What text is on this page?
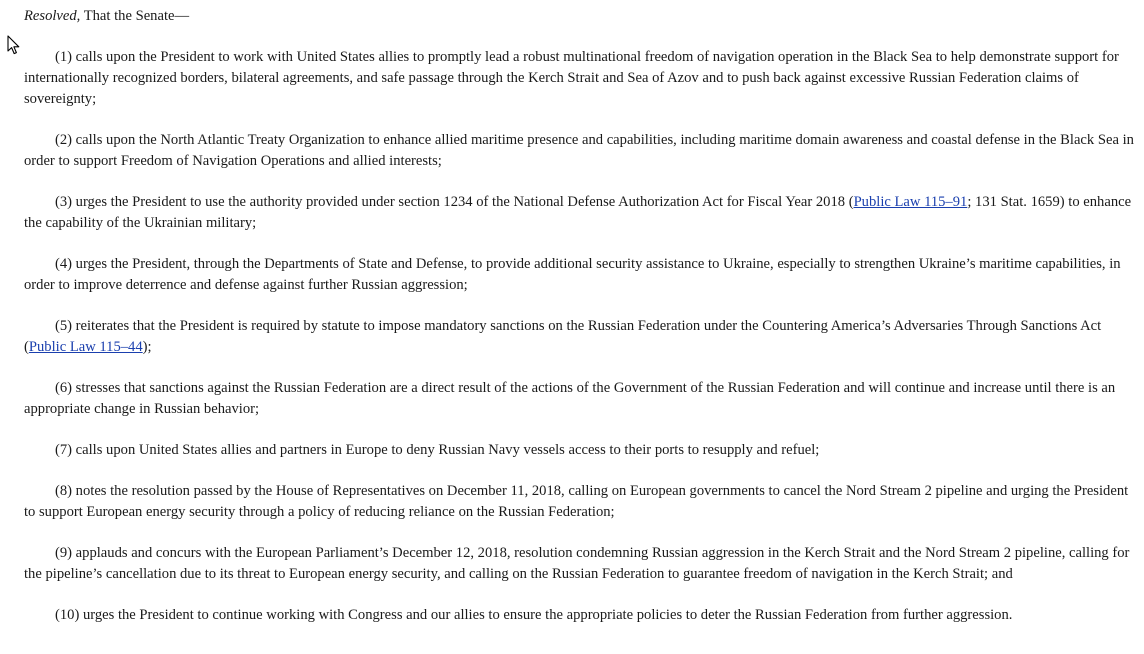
Resolved, That the Senate—

(1) calls upon the President to work with United States allies to promptly lead a robust multinational freedom of navigation operation in the Black Sea to help demonstrate support for internationally recognized borders, bilateral agreements, and safe passage through the Kerch Strait and Sea of Azov and to push back against excessive Russian Federation claims of sovereignty;

(2) calls upon the North Atlantic Treaty Organization to enhance allied maritime presence and capabilities, including maritime domain awareness and coastal defense in the Black Sea in order to support Freedom of Navigation Operations and allied interests;

(3) urges the President to use the authority provided under section 1234 of the National Defense Authorization Act for Fiscal Year 2018 (Public Law 115–91; 131 Stat. 1659) to enhance the capability of the Ukrainian military;

(4) urges the President, through the Departments of State and Defense, to provide additional security assistance to Ukraine, especially to strengthen Ukraine’s maritime capabilities, in order to improve deterrence and defense against further Russian aggression;

(5) reiterates that the President is required by statute to impose mandatory sanctions on the Russian Federation under the Countering America’s Adversaries Through Sanctions Act (Public Law 115–44);

(6) stresses that sanctions against the Russian Federation are a direct result of the actions of the Government of the Russian Federation and will continue and increase until there is an appropriate change in Russian behavior;

(7) calls upon United States allies and partners in Europe to deny Russian Navy vessels access to their ports to resupply and refuel;

(8) notes the resolution passed by the House of Representatives on December 11, 2018, calling on European governments to cancel the Nord Stream 2 pipeline and urging the President to support European energy security through a policy of reducing reliance on the Russian Federation;

(9) applauds and concurs with the European Parliament’s December 12, 2018, resolution condemning Russian aggression in the Kerch Strait and the Nord Stream 2 pipeline, calling for the pipeline’s cancellation due to its threat to European energy security, and calling on the Russian Federation to guarantee freedom of navigation in the Kerch Strait; and

(10) urges the President to continue working with Congress and our allies to ensure the appropriate policies to deter the Russian Federation from further aggression.
